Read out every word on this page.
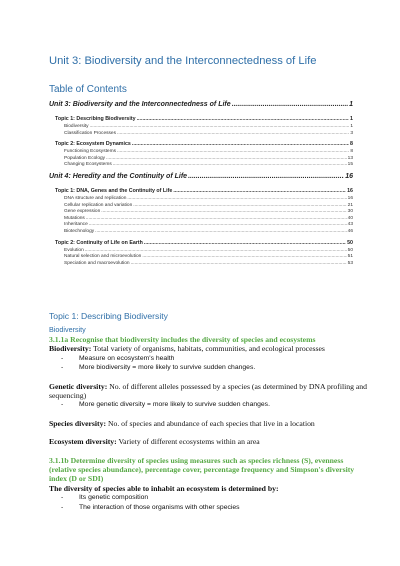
Unit 3: Biodiversity and the Interconnectedness of Life
Table of Contents
Unit 3: Biodiversity and the Interconnectedness of Life .....	1
Topic 1: Describing Biodiversity .....	1
Biodiversity .....	1
Classification Processes .....	3
Topic 2: Ecosystem Dynamics .....	8
Functioning Ecosystems .....	8
Population Ecology .....	13
Changing Ecosystems .....	15
Unit 4: Heredity and the Continuity of Life .....	16
Topic 1: DNA, Genes and the Continuity of Life .....	16
DNA structure and replication .....	16
Cellular replication and variation .....	21
Gene expression .....	30
Mutations .....	40
Inheritance .....	43
Biotechnology .....	46
Topic 2: Continuity of Life on Earth .....	50
Evolution .....	50
Natural selection and microevolution .....	51
Speciation and macroevolution .....	53
Topic 1: Describing Biodiversity
Biodiversity

3.1.1a Recognise that biodiversity includes the diversity of species and ecosystems

Biodiversity: Total variety of organisms, habitats, communities, and ecological processes

-	Measure on ecosystem's health
-	More biodiversity = more likely to survive sudden changes.

Genetic diversity: No. of different alleles possessed by a species (as determined by DNA profiling and sequencing)

-	More genetic diversity = more likely to survive sudden changes.

Species diversity: No. of species and abundance of each species that live in a location

Ecosystem diversity: Variety of different ecosystems within an area

3.1.1b Determine diversity of species using measures such as species richness (S), evenness (relative species abundance), percentage cover, percentage frequency and Simpson's diversity index (D or SDI)

The diversity of species able to inhabit an ecosystem is determined by:

-	Its genetic composition
-	The interaction of those organisms with other species
